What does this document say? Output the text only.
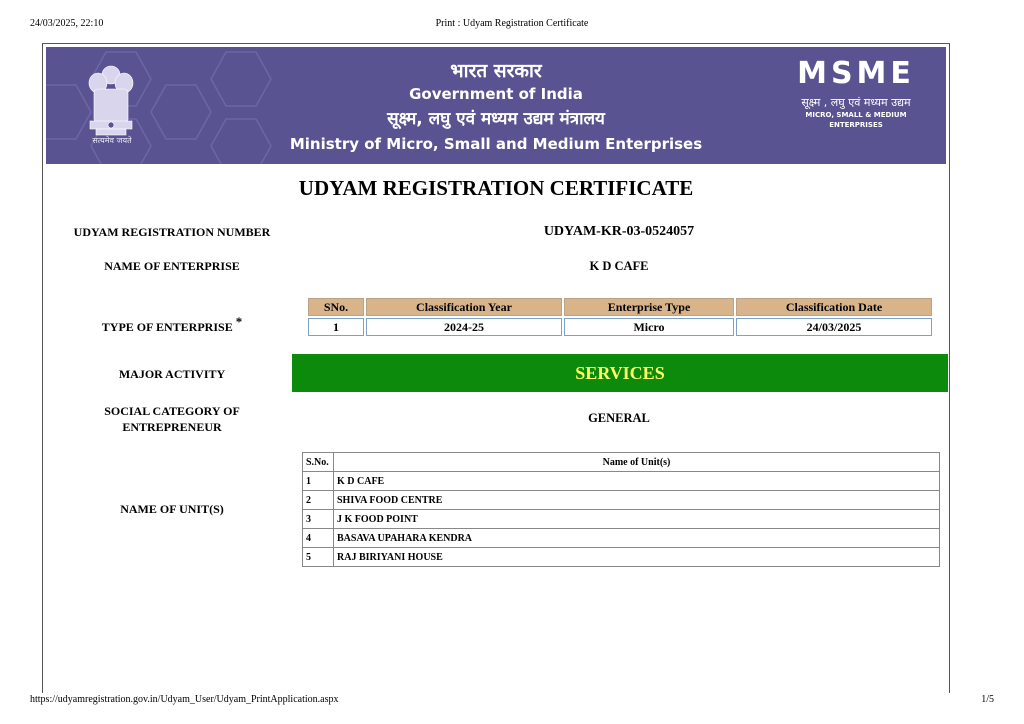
24/03/2025, 22:10	Print : Udyam Registration Certificate
सत्यमेव जयते
भारत सरकार
Government of India
सूक्ष्म, लघु एवं मध्यम उद्यम मंत्रालय
Ministry of Micro, Small and Medium Enterprises
MSME
सूक्ष्म , लघु एवं मध्यम उद्यम
MICRO, SMALL & MEDIUM ENTERPRISES
UDYAM REGISTRATION CERTIFICATE
UDYAM REGISTRATION NUMBER	UDYAM-KR-03-0524057
NAME OF ENTERPRISE	K D CAFE
TYPE OF ENTERPRISE *
SNo.	Classification Year	Enterprise Type	Classification Date
1	2024-25	Micro	24/03/2025
MAJOR ACTIVITY	SERVICES
SOCIAL CATEGORY OF
ENTREPRENEUR
GENERAL
NAME OF UNIT(S)
S.No.	Name of Unit(s)
1	K D CAFE
2	SHIVA FOOD CENTRE
3	J K FOOD POINT
4	BASAVA UPAHARA KENDRA
5	RAJ BIRIYANI HOUSE
https://udyamregistration.gov.in/Udyam_User/Udyam_PrintApplication.aspx	1/5
